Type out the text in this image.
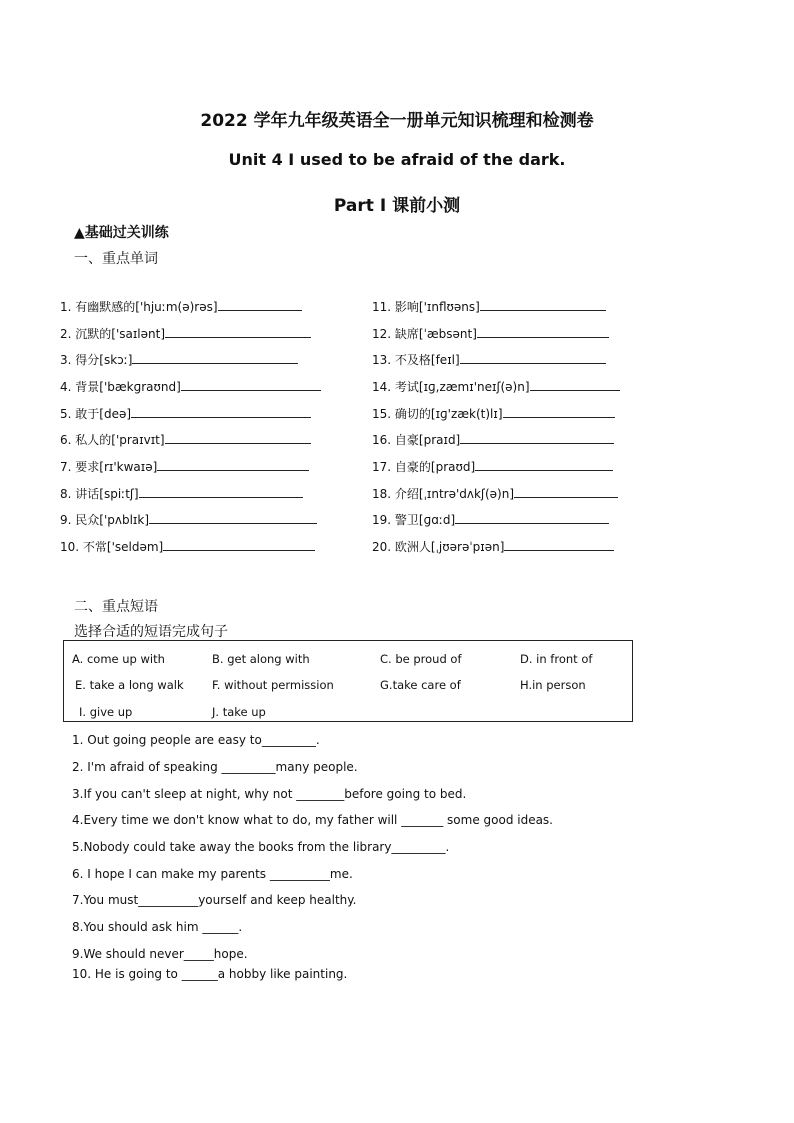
2022 学年九年级英语全一册单元知识梳理和检测卷
Unit 4 I used to be afraid of the dark.
Part I 课前小测
▲基础过关训练
一、重点单词
1. 有幽默感的['hjuːm(ə)rəs]
2. 沉默的['saɪlənt]
3. 得分[skɔː]
4. 背景['bækɡraʊnd]
5. 敢于[deə]
6. 私人的['praɪvɪt]
7. 要求[rɪ'kwaɪə]
8. 讲话[spiːtʃ]
9. 民众['pʌblɪk]
10. 不常['seldəm]
11. 影响['ɪnflʊəns]
12. 缺席[ˈæbsənt]
13. 不及格[feɪl]
14. 考试[ɪɡ,zæmɪ'neɪʃ(ə)n]
15. 确切的[ɪɡ'zæk(t)lɪ]
16. 自豪[praɪd]
17. 自豪的[praʊd]
18. 介绍[ˌɪntrə'dʌkʃ(ə)n]
19. 警卫[ɡɑːd]
20. 欧洲人[ˌjʊərəˈpɪən]
二、重点短语
选择合适的短语完成句子
A. come up with	B. get along with	C. be proud of	D. in front of
E. take a long walk F. without permission	G.take care of	H.in person
I. give up	J. take up
1. Out going people are easy to_________.
2. I'm afraid of speaking _________many people.
3.If you can't sleep at night, why not ________before going to bed.
4.Every time we don't know what to do, my father will _______ some good ideas.
5.Nobody could take away the books from the library_________.
6. I hope I can make my parents __________me.
7.You must__________yourself and keep healthy.
8.You should ask him ______.
9.We should never_____hope.
10. He is going to ______a hobby like painting.
